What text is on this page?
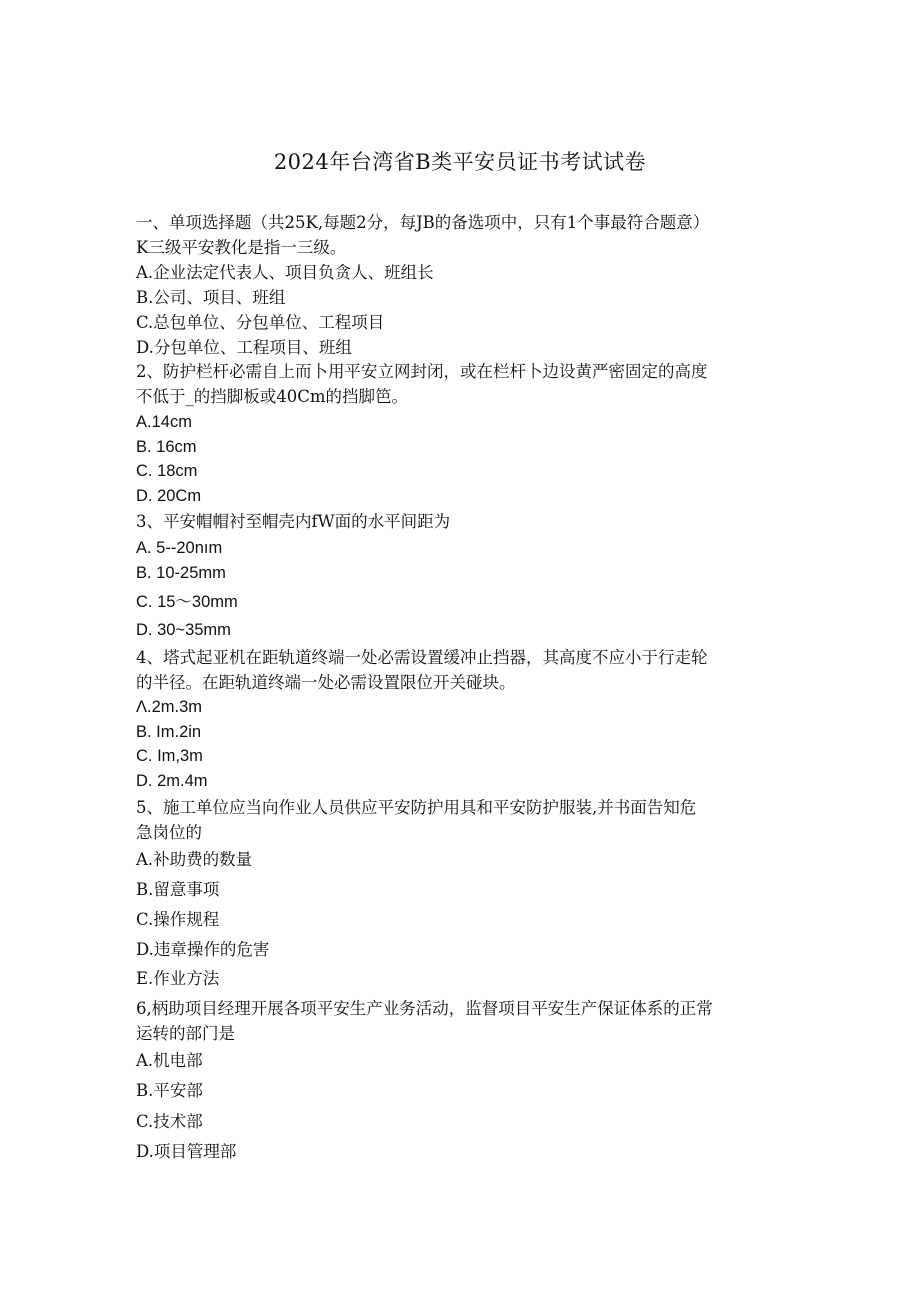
2024年台湾省B类平安员证书考试试卷

一、单项选择题（共25K,每题2分，每JB的备选项中，只有1个事最符合题意）

K三级平安教化是指一三级。

A.企业法定代表人、项目负贪人、班组长

B.公司、项目、班组

C.总包单位、分包单位、工程项目

D.分包单位、工程项目、班组

2、防护栏杆必需自上而卜用平安立网封闭，或在栏杆卜边设黄严密固定的高度

不低于_的挡脚板或40Cm的挡脚笆。

A.14cm

B. 16cm

C. 18cm

D. 20Cm

3、平安帽帽衬至帽壳内fW面的水平间距为

A. 5--20nım

B. 10-25mm

C. 15～30mm

D. 30~35mm

4、塔式起亚机在距轨道终端一处必需设置缓冲止挡器，其高度不应小于行走轮

的半径。在距轨道终端一处必需设置限位开关碰块。

Λ.2m.3m

B. Im.2in

C. Im,3m

D. 2m.4m

5、施工单位应当向作业人员供应平安防护用具和平安防护服装,并书面告知危

急岗位的

A.补助费的数量

B.留意事项

C.操作规程

D.违章操作的危害

E.作业方法

6,柄助项目经理开展各项平安生产业务活动，监督项目平安生产保证体系的正常

运转的部门是

A.机电部

B.平安部

C.技术部

D.项目管理部
